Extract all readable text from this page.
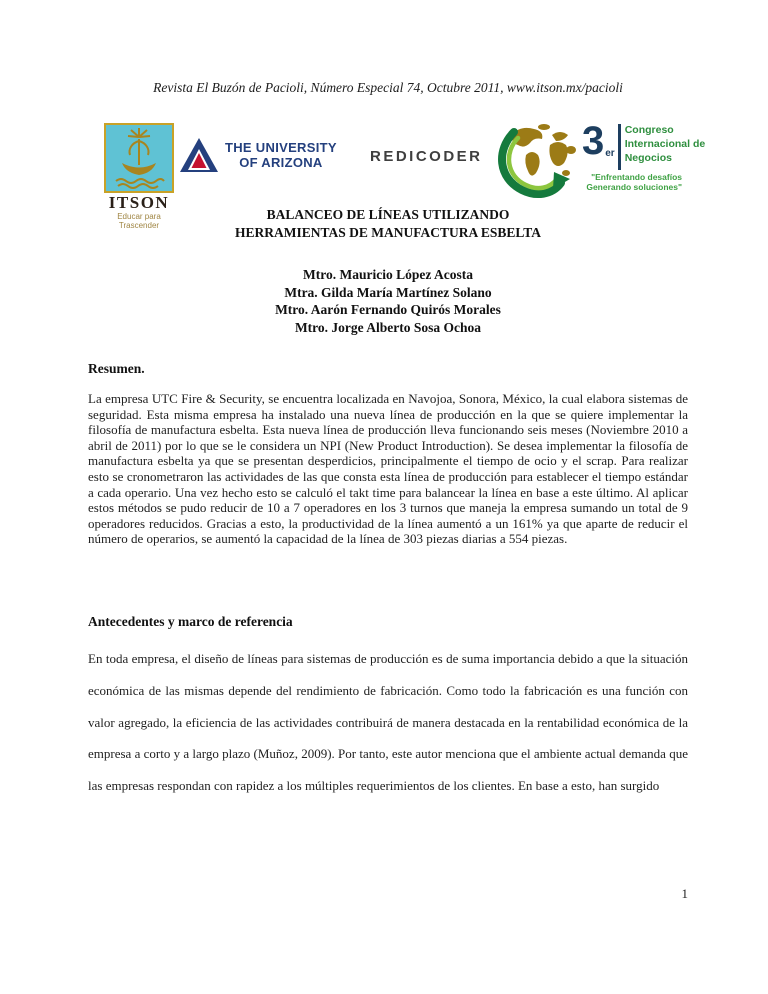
Revista El Buzón de Pacioli, Número Especial 74, Octubre 2011, www.itson.mx/pacioli
ITSON
Educar para
Trascender
THE UNIVERSITY
OF ARIZONA	REDICODER 3 er
Congreso
Internacional de
Negocios
"Enfrentando desafíos
Generando soluciones"
BALANCEO DE LÍNEAS UTILIZANDO
HERRAMIENTAS DE MANUFACTURA ESBELTA
Mtro. Mauricio López Acosta
Mtra. Gilda María Martínez Solano
Mtro. Aarón Fernando Quirós Morales
Mtro. Jorge Alberto Sosa Ochoa
Resumen.

La empresa UTC Fire & Security, se encuentra localizada en Navojoa, Sonora, México, la cual elabora sistemas de seguridad. Esta misma empresa ha instalado una nueva línea de producción en la que se quiere implementar la filosofía de manufactura esbelta. Esta nueva línea de producción lleva funcionando seis meses (Noviembre 2010 a abril de 2011) por lo que se le considera un NPI (New Product Introduction). Se desea implementar la filosofía de manufactura esbelta ya que se presentan desperdicios, principalmente el tiempo de ocio y el scrap. Para realizar esto se cronometraron las actividades de las que consta esta línea de producción para establecer el tiempo estándar a cada operario. Una vez hecho esto se calculó el takt time para balancear la línea en base a este último. Al aplicar estos métodos se pudo reducir de 10 a 7 operadores en los 3 turnos que maneja la empresa sumando un total de 9 operadores reducidos. Gracias a esto, la productividad de la línea aumentó a un 161% ya que aparte de reducir el número de operarios, se aumentó la capacidad de la línea de 303 piezas diarias a 554 piezas.

Antecedentes y marco de referencia

En toda empresa, el diseño de líneas para sistemas de producción es de suma importancia debido a que la situación económica de las mismas depende del rendimiento de fabricación. Como todo la fabricación es una función con valor agregado, la eficiencia de las actividades contribuirá de manera destacada en la rentabilidad económica de la empresa a corto y a largo plazo (Muñoz, 2009). Por tanto, este autor menciona que el ambiente actual demanda que las empresas respondan con rapidez a los múltiples requerimientos de los clientes. En base a esto, han surgido

1
